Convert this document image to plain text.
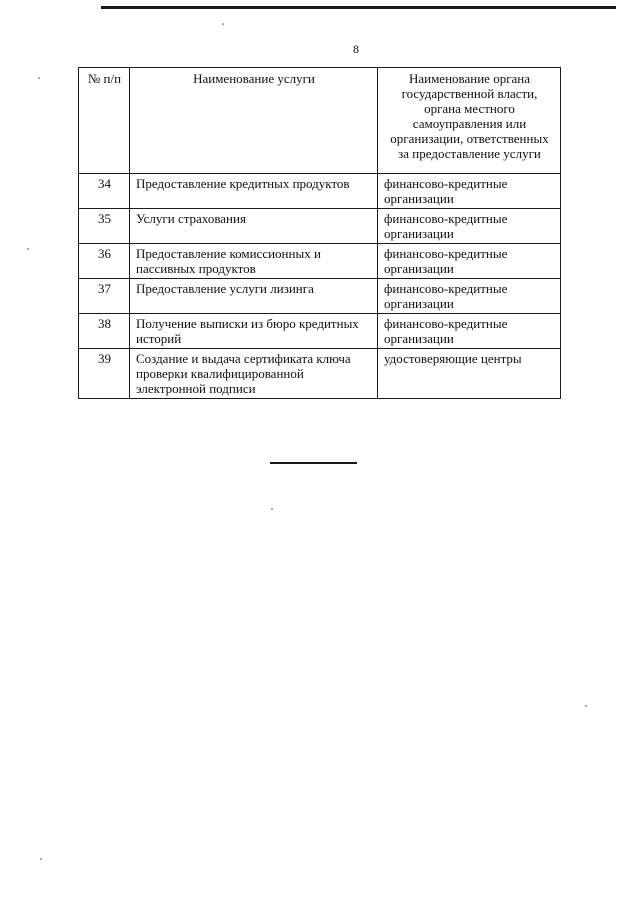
8
№ п/п	Наименование услуги	Наименование органа государственной власти, органа местного самоуправления или организации, ответственных за предоставление услуги
34	Предоставление кредитных продуктов	финансово-кредитные организации
35	Услуги страхования	финансово-кредитные организации
36	Предоставление комиссионных и пассивных продуктов	финансово-кредитные организации
37	Предоставление услуги лизинга	финансово-кредитные организации
38	Получение выписки из бюро кредитных историй	финансово-кредитные организации
39	Создание и выдача сертификата ключа проверки квалифицированной электронной подписи	удостоверяющие центры
